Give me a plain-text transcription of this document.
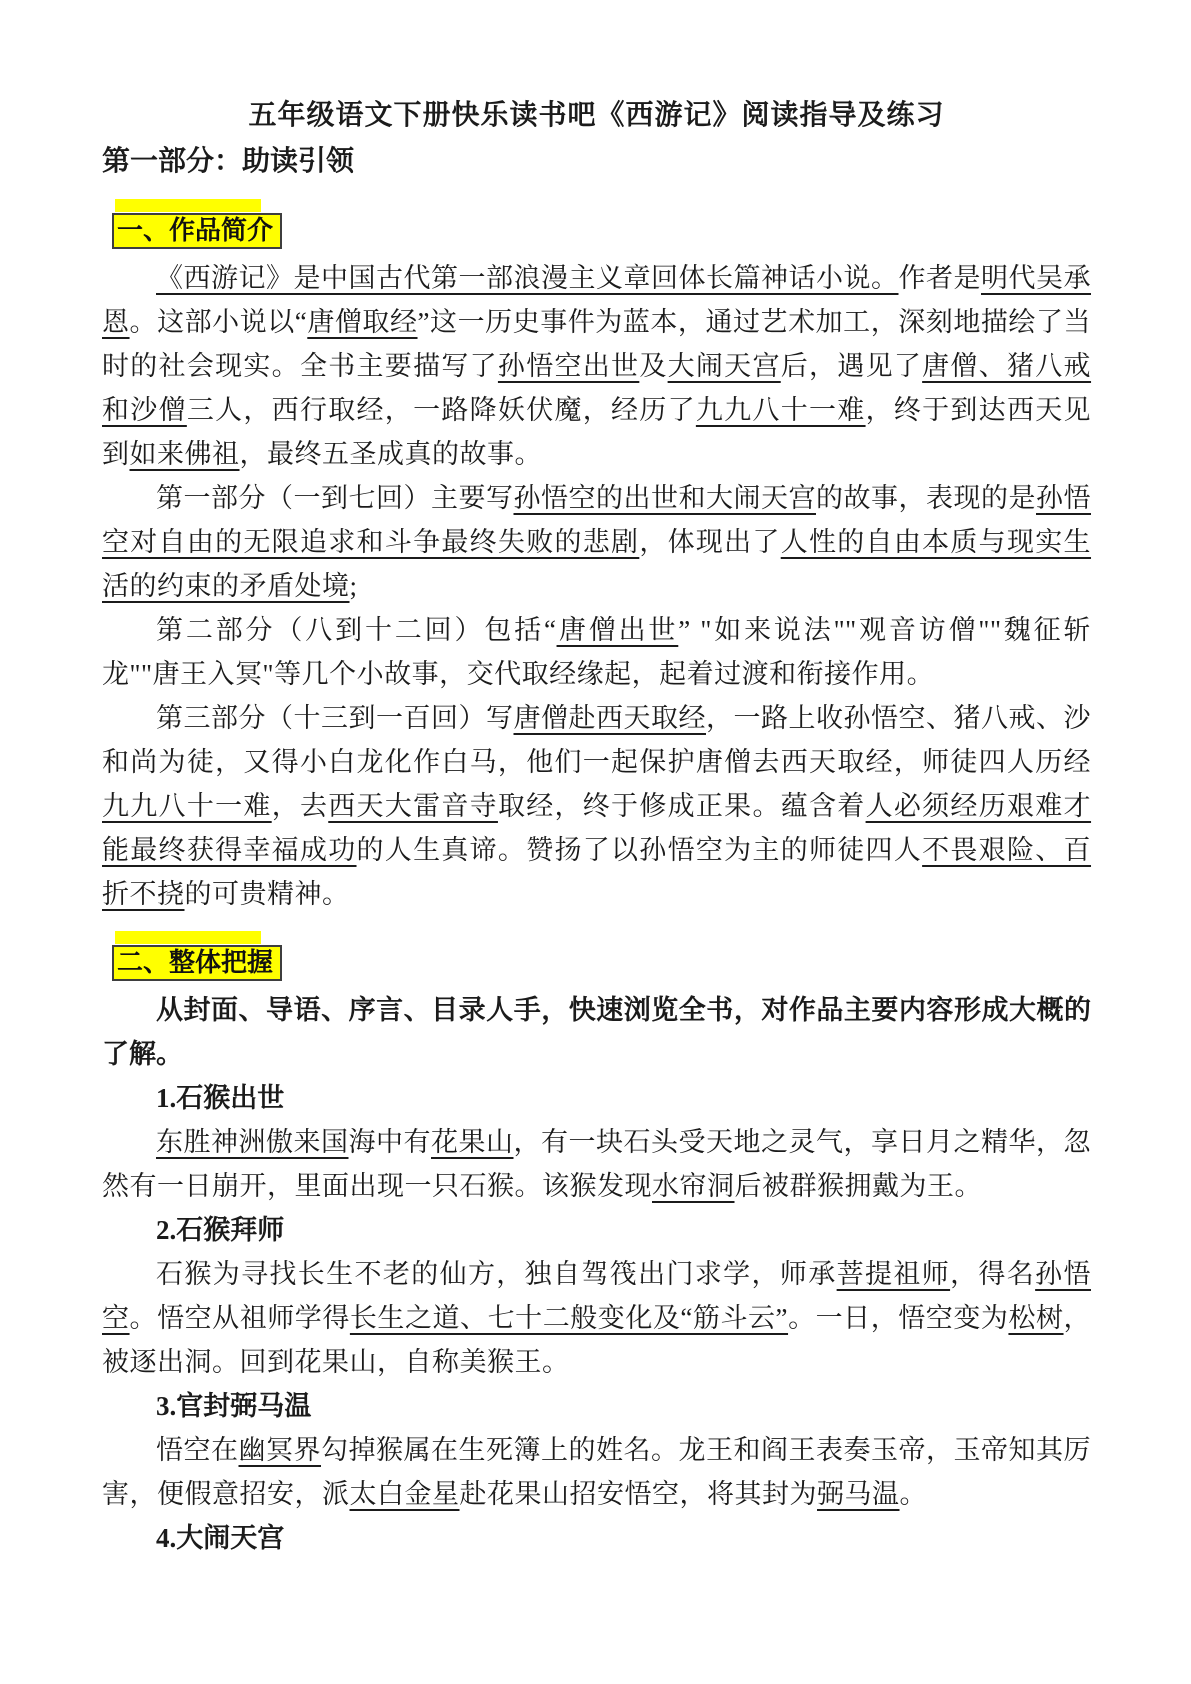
五年级语文下册快乐读书吧《西游记》阅读指导及练习
第一部分：助读引领
一、作品简介

《西游记》是中国古代第一部浪漫主义章回体长篇神话小说。作者是明代吴承恩。这部小说以“唐僧取经”这一历史事件为蓝本，通过艺术加工，深刻地描绘了当时的社会现实。全书主要描写了孙悟空出世及大闹天宫后，遇见了唐僧、猪八戒和沙僧三人，西行取经，一路降妖伏魔，经历了九九八十一难，终于到达西天见到如来佛祖，最终五圣成真的故事。

第一部分（一到七回）主要写孙悟空的出世和大闹天宫的故事，表现的是孙悟空对自由的无限追求和斗争最终失败的悲剧，体现出了人性的自由本质与现实生活的约束的矛盾处境;

第二部分（八到十二回）包括“唐僧出世” "如来说法""观音访僧""魏征斩龙""唐王入冥"等几个小故事，交代取经缘起，起着过渡和衔接作用。

第三部分（十三到一百回）写唐僧赴西天取经，一路上收孙悟空、猪八戒、沙和尚为徒，又得小白龙化作白马，他们一起保护唐僧去西天取经，师徒四人历经九九八十一难，去西天大雷音寺取经，终于修成正果。蕴含着人必须经历艰难才能最终获得幸福成功的人生真谛。赞扬了以孙悟空为主的师徒四人不畏艰险、百折不挠的可贵精神。

二、整体把握

从封面、导语、序言、目录人手，快速浏览全书，对作品主要内容形成大概的了解。

1.石猴出世

东胜神洲傲来国海中有花果山，有一块石头受天地之灵气，享日月之精华，忽然有一日崩开，里面出现一只石猴。该猴发现水帘洞后被群猴拥戴为王。

2.石猴拜师

石猴为寻找长生不老的仙方，独自驾筏出门求学，师承菩提祖师，得名孙悟空。悟空从祖师学得长生之道、七十二般变化及“筋斗云”。一日，悟空变为松树，被逐出洞。回到花果山，自称美猴王。

3.官封弼马温

悟空在幽冥界勾掉猴属在生死簿上的姓名。龙王和阎王表奏玉帝，玉帝知其厉害，便假意招安，派太白金星赴花果山招安悟空，将其封为弼马温。

4.大闹天宫
